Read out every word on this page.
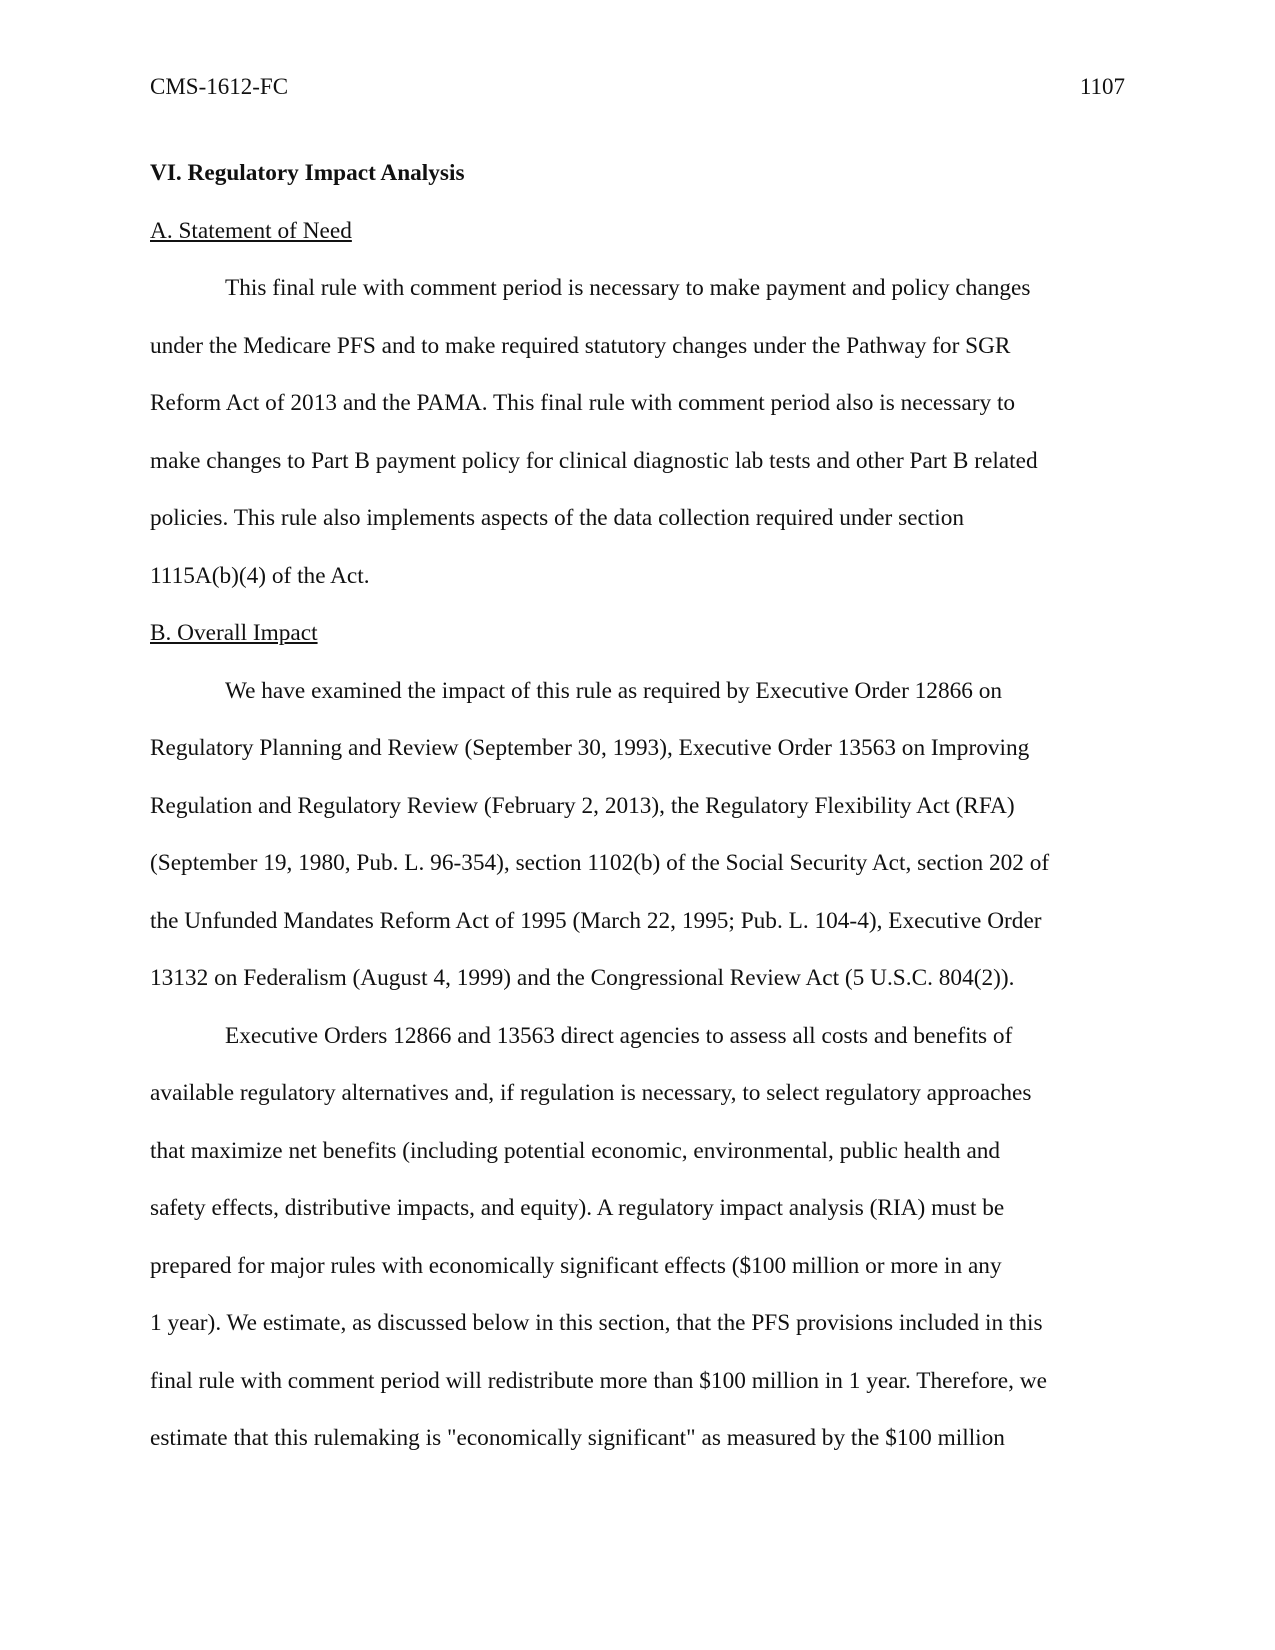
CMS-1612-FC	1107
VI. Regulatory Impact Analysis
A. Statement of Need
This final rule with comment period is necessary to make payment and policy changes
under the Medicare PFS and to make required statutory changes under the Pathway for SGR
Reform Act of 2013 and the PAMA. This final rule with comment period also is necessary to
make changes to Part B payment policy for clinical diagnostic lab tests and other Part B related
policies. This rule also implements aspects of the data collection required under section
1115A(b)(4) of the Act.
B. Overall Impact
We have examined the impact of this rule as required by Executive Order 12866 on
Regulatory Planning and Review (September 30, 1993), Executive Order 13563 on Improving
Regulation and Regulatory Review (February 2, 2013), the Regulatory Flexibility Act (RFA)
(September 19, 1980, Pub. L. 96-354), section 1102(b) of the Social Security Act, section 202 of
the Unfunded Mandates Reform Act of 1995 (March 22, 1995; Pub. L. 104-4), Executive Order
13132 on Federalism (August 4, 1999) and the Congressional Review Act (5 U.S.C. 804(2)).
Executive Orders 12866 and 13563 direct agencies to assess all costs and benefits of
available regulatory alternatives and, if regulation is necessary, to select regulatory approaches
that maximize net benefits (including potential economic, environmental, public health and
safety effects, distributive impacts, and equity). A regulatory impact analysis (RIA) must be
prepared for major rules with economically significant effects ($100 million or more in any
1 year). We estimate, as discussed below in this section, that the PFS provisions included in this
final rule with comment period will redistribute more than $100 million in 1 year. Therefore, we
estimate that this rulemaking is "economically significant" as measured by the $100 million
